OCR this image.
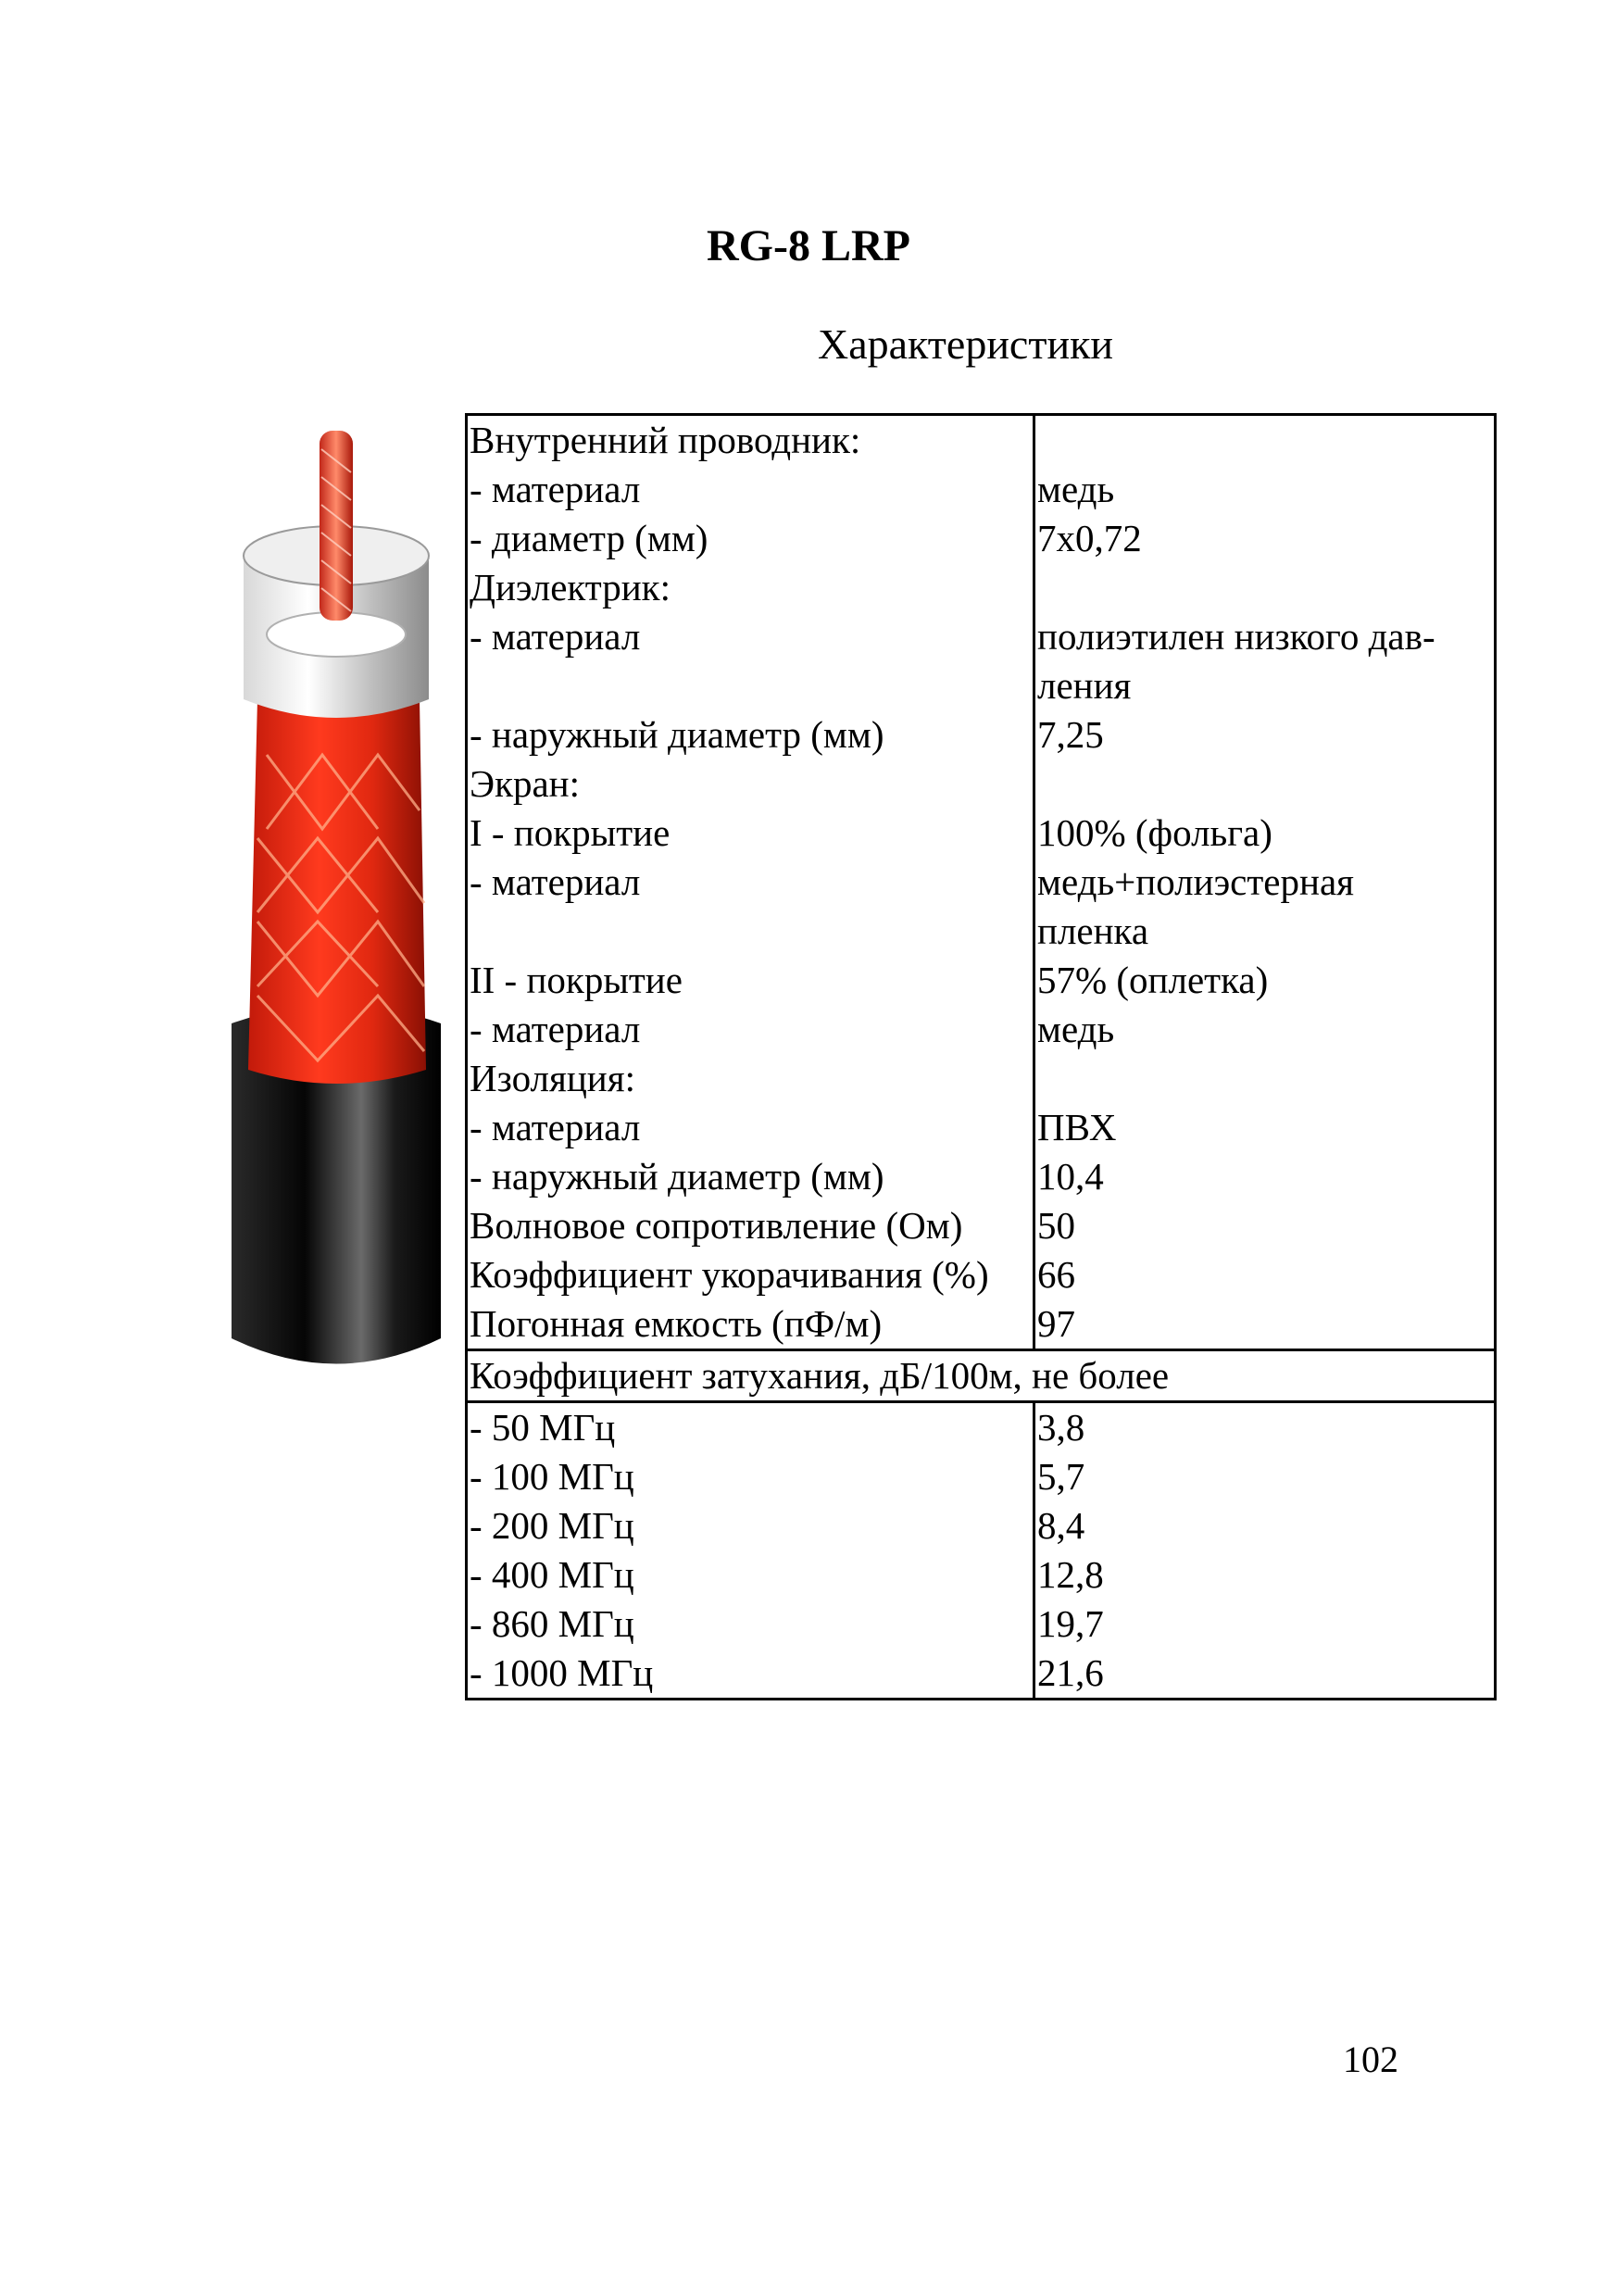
RG-8 LRP
Характеристики
Внутренний проводник:	
- материал	медь
- диаметр (мм)	7x0,72
Диэлектрик:	
- материал	полиэтилен низкого дав-
ления
- наружный диаметр (мм)	7,25
Экран:	
I - покрытие	100% (фольга)
- материал	медь+полиэстерная
пленка
II - покрытие	57% (оплетка)
- материал	медь
Изоляция:	
- материал	ПВХ
- наружный диаметр (мм)	10,4
Волновое сопротивление (Ом)	50
Коэффициент укорачивания (%)	66
Погонная емкость (пФ/м)	97
Коэффициент затухания, дБ/100м, не более	
- 50 МГц	3,8
- 100 МГц	5,7
- 200 МГц	8,4
- 400 МГц	12,8
- 860 МГц	19,7
- 1000 МГц	21,6
102
